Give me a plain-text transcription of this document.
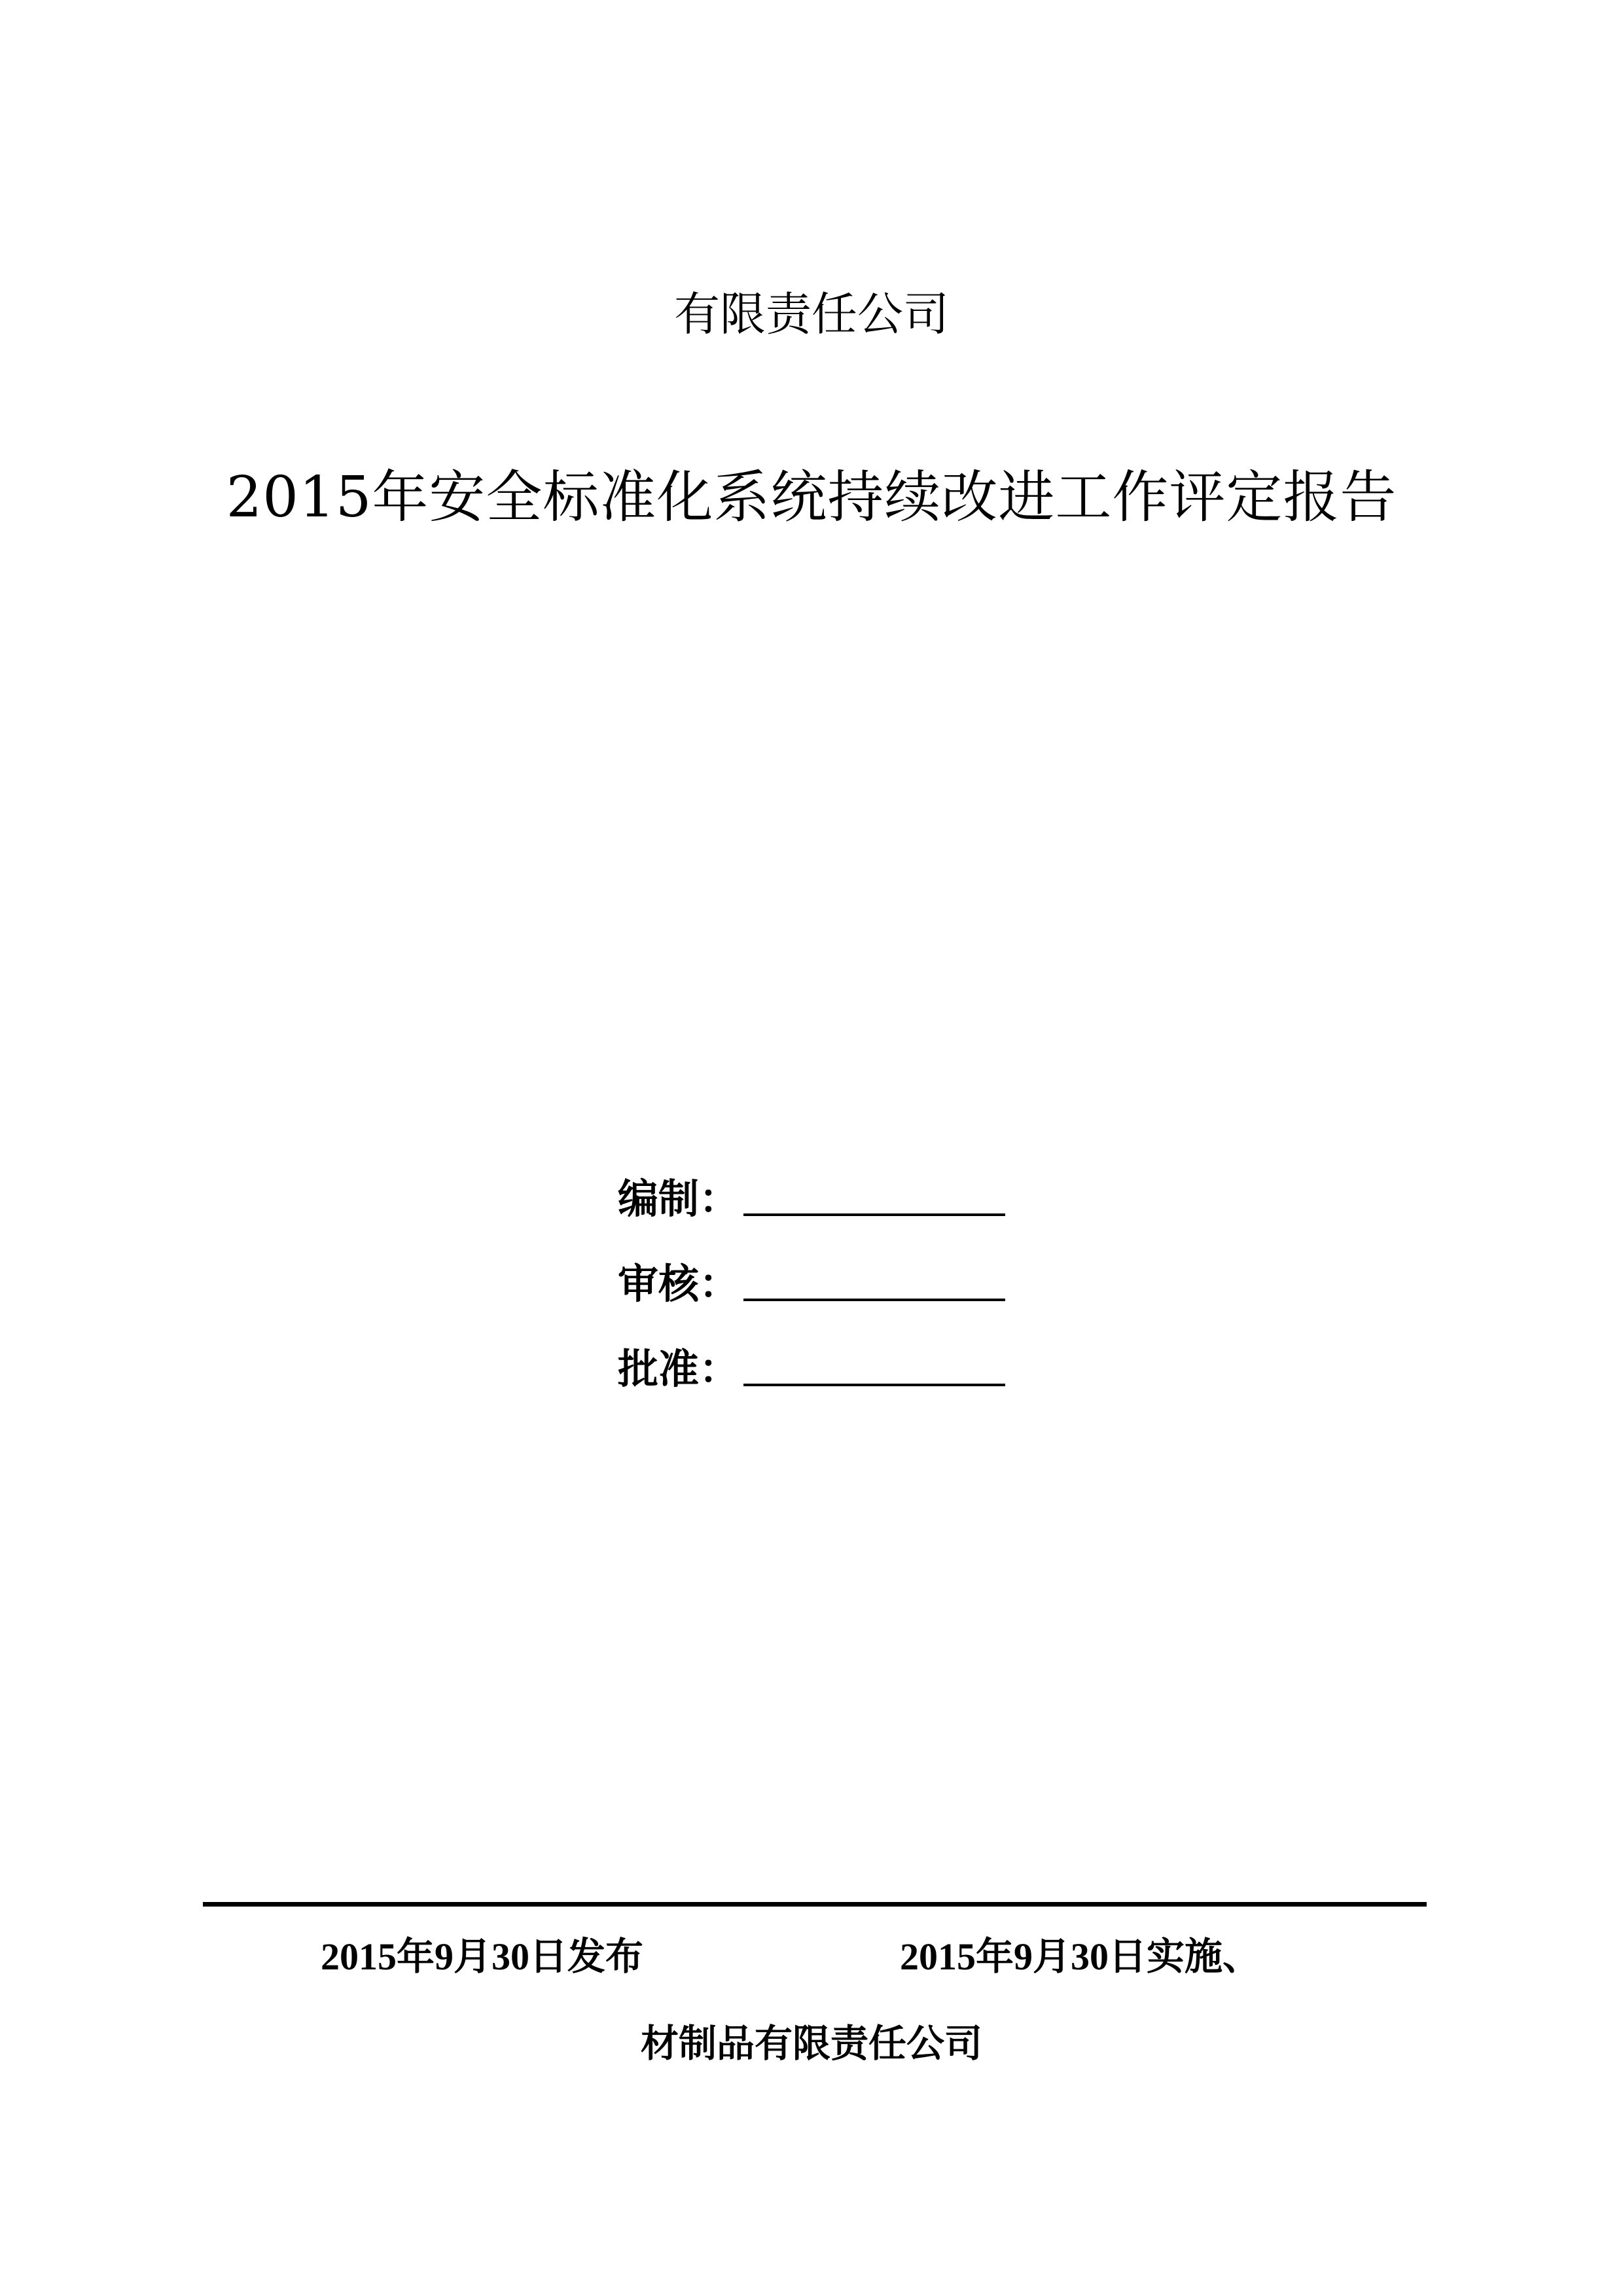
有限责任公司
2015年安全标准化系统持续改进工作评定报告
编制：
审核：
批准：
2015年9月30日发布	2015年9月30日实施、
材制品有限责任公司
